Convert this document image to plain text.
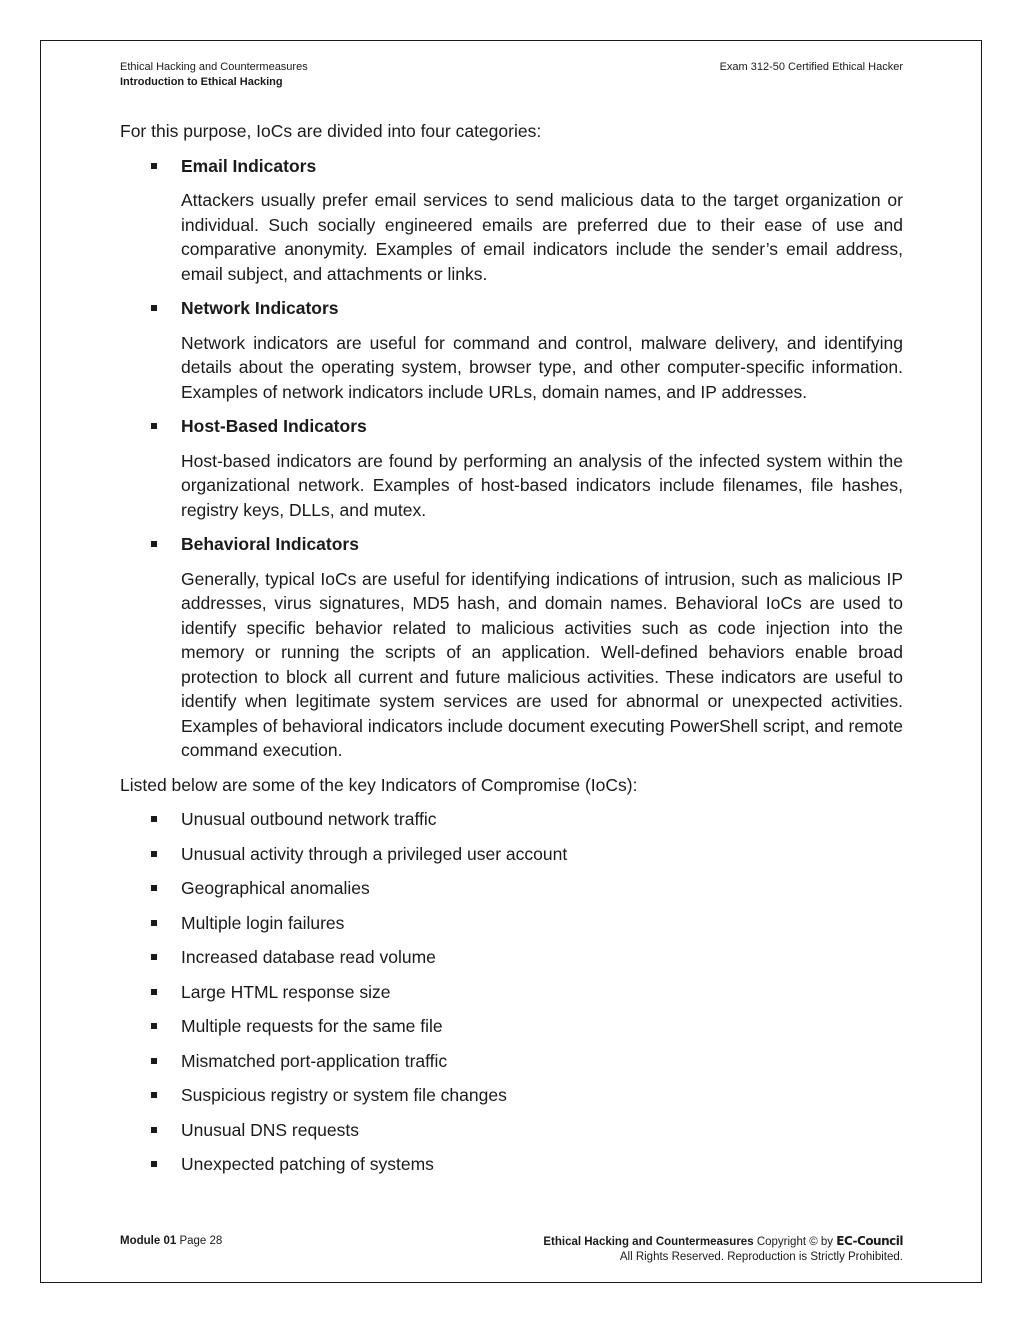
Ethical Hacking and Countermeasures
Introduction to Ethical Hacking
Exam 312-50 Certified Ethical Hacker

For this purpose, IoCs are divided into four categories:

Email Indicators
Attackers usually prefer email services to send malicious data to the target organization or individual. Such socially engineered emails are preferred due to their ease of use and comparative anonymity. Examples of email indicators include the sender’s email address, email subject, and attachments or links.
Network Indicators
Network indicators are useful for command and control, malware delivery, and identifying details about the operating system, browser type, and other computer-specific information. Examples of network indicators include URLs, domain names, and IP addresses.
Host-Based Indicators
Host-based indicators are found by performing an analysis of the infected system within the organizational network. Examples of host-based indicators include filenames, file hashes, registry keys, DLLs, and mutex.
Behavioral Indicators
Generally, typical IoCs are useful for identifying indications of intrusion, such as malicious IP addresses, virus signatures, MD5 hash, and domain names. Behavioral IoCs are used to identify specific behavior related to malicious activities such as code injection into the memory or running the scripts of an application. Well-defined behaviors enable broad protection to block all current and future malicious activities. These indicators are useful to identify when legitimate system services are used for abnormal or unexpected activities. Examples of behavioral indicators include document executing PowerShell script, and remote command execution.

Listed below are some of the key Indicators of Compromise (IoCs):

Unusual outbound network traffic
Unusual activity through a privileged user account
Geographical anomalies
Multiple login failures
Increased database read volume
Large HTML response size
Multiple requests for the same file
Mismatched port-application traffic
Suspicious registry or system file changes
Unusual DNS requests
Unexpected patching of systems
Module 01 Page 28	Ethical Hacking and Countermeasures Copyright © by EC-Council
All Rights Reserved. Reproduction is Strictly Prohibited.
